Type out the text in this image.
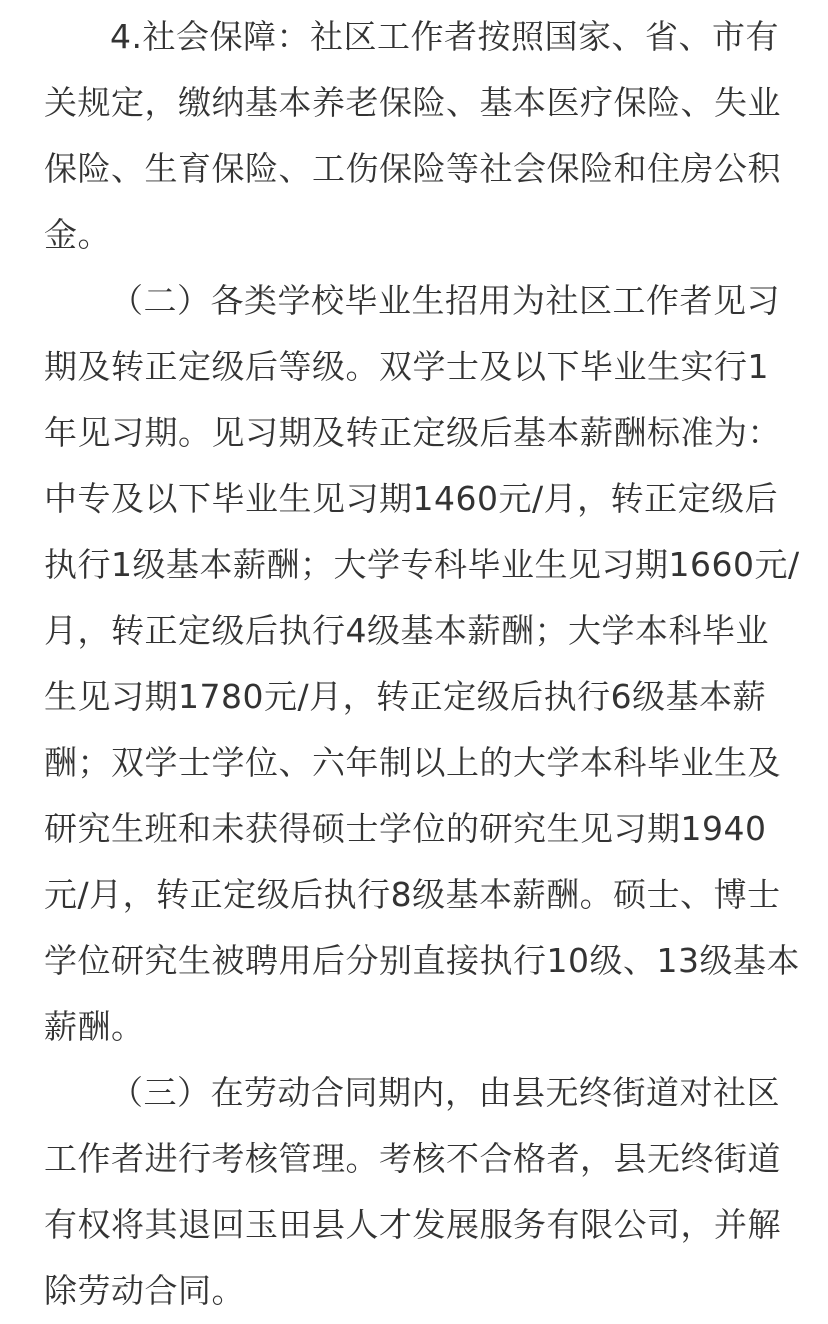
4.社会保障：社区工作者按照国家、省、市有
关规定，缴纳基本养老保险、基本医疗保险、失业
保险、生育保险、工伤保险等社会保险和住房公积
金。
（二）各类学校毕业生招用为社区工作者见习
期及转正定级后等级。双学士及以下毕业生实行1
年见习期。见习期及转正定级后基本薪酬标准为：
中专及以下毕业生见习期1460元/月，转正定级后
执行1级基本薪酬；大学专科毕业生见习期1660元/
月，转正定级后执行4级基本薪酬；大学本科毕业
生见习期1780元/月，转正定级后执行6级基本薪
酬；双学士学位、六年制以上的大学本科毕业生及
研究生班和未获得硕士学位的研究生见习期1940
元/月，转正定级后执行8级基本薪酬。硕士、博士
学位研究生被聘用后分别直接执行10级、13级基本
薪酬。
（三）在劳动合同期内，由县无终街道对社区
工作者进行考核管理。考核不合格者，县无终街道
有权将其退回玉田县人才发展服务有限公司，并解
除劳动合同。
